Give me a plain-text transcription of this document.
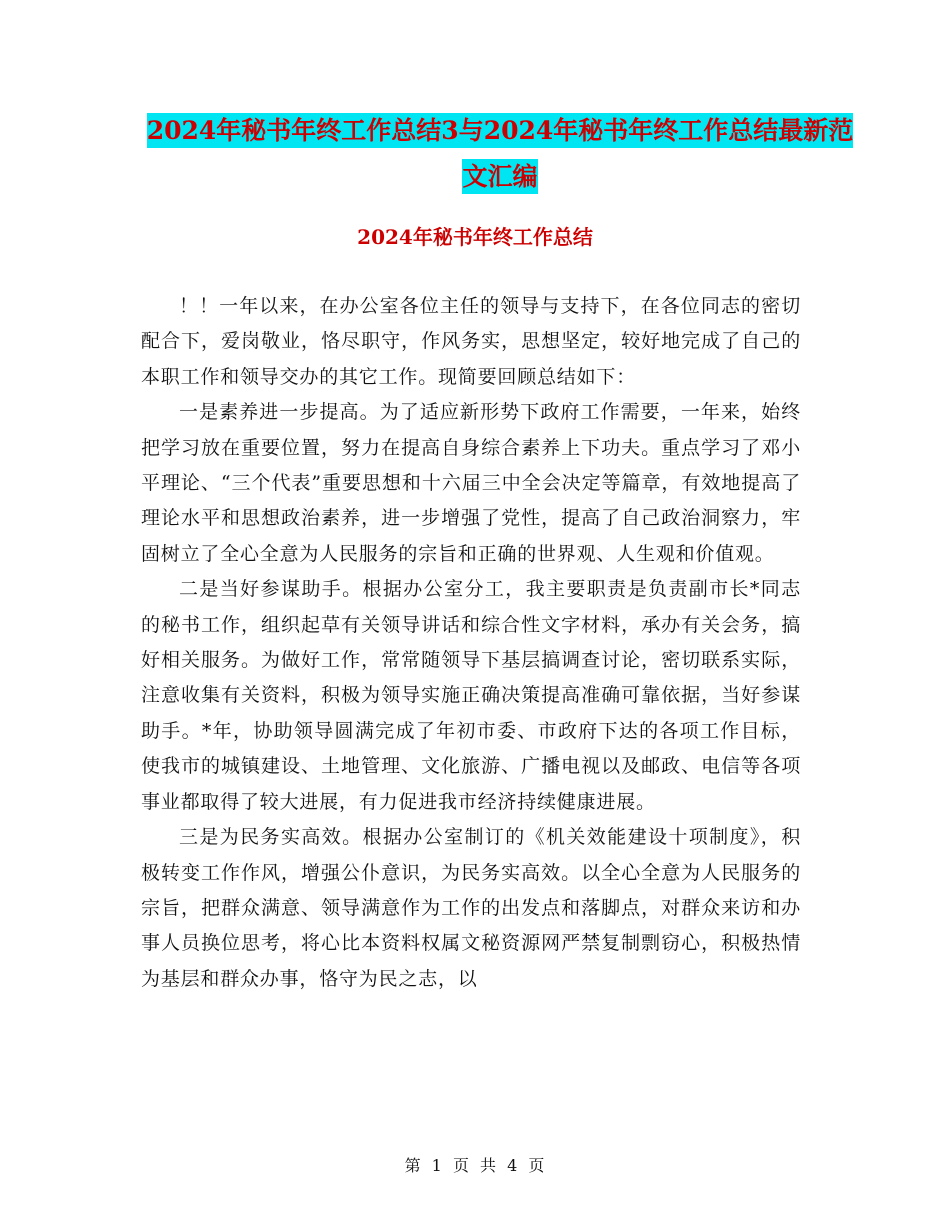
2024年秘书年终工作总结3与2024年秘书年终工作总结最新范文汇编
2024年秘书年终工作总结

！！一年以来，在办公室各位主任的领导与支持下，在各位同志的密切配合下，爱岗敬业，恪尽职守，作风务实，思想坚定，较好地完成了自己的本职工作和领导交办的其它工作。现简要回顾总结如下：

一是素养进一步提高。为了适应新形势下政府工作需要，一年来，始终把学习放在重要位置，努力在提高自身综合素养上下功夫。重点学习了邓小平理论、“三个代表”重要思想和十六届三中全会决定等篇章，有效地提高了理论水平和思想政治素养，进一步增强了党性，提高了自己政治洞察力，牢固树立了全心全意为人民服务的宗旨和正确的世界观、人生观和价值观。

二是当好参谋助手。根据办公室分工，我主要职责是负责副市长*同志的秘书工作，组织起草有关领导讲话和综合性文字材料，承办有关会务，搞好相关服务。为做好工作，常常随领导下基层搞调查讨论，密切联系实际，注意收集有关资料，积极为领导实施正确决策提高准确可靠依据，当好参谋助手。*年，协助领导圆满完成了年初市委、市政府下达的各项工作目标，使我市的城镇建设、土地管理、文化旅游、广播电视以及邮政、电信等各项事业都取得了较大进展，有力促进我市经济持续健康进展。

三是为民务实高效。根据办公室制订的《机关效能建设十项制度》，积极转变工作作风，增强公仆意识，为民务实高效。以全心全意为人民服务的宗旨，把群众满意、领导满意作为工作的出发点和落脚点，对群众来访和办事人员换位思考，将心比本资料权属文秘资源网严禁复制剽窃心，积极热情为基层和群众办事，恪守为民之志，以

第 1 页 共 4 页
